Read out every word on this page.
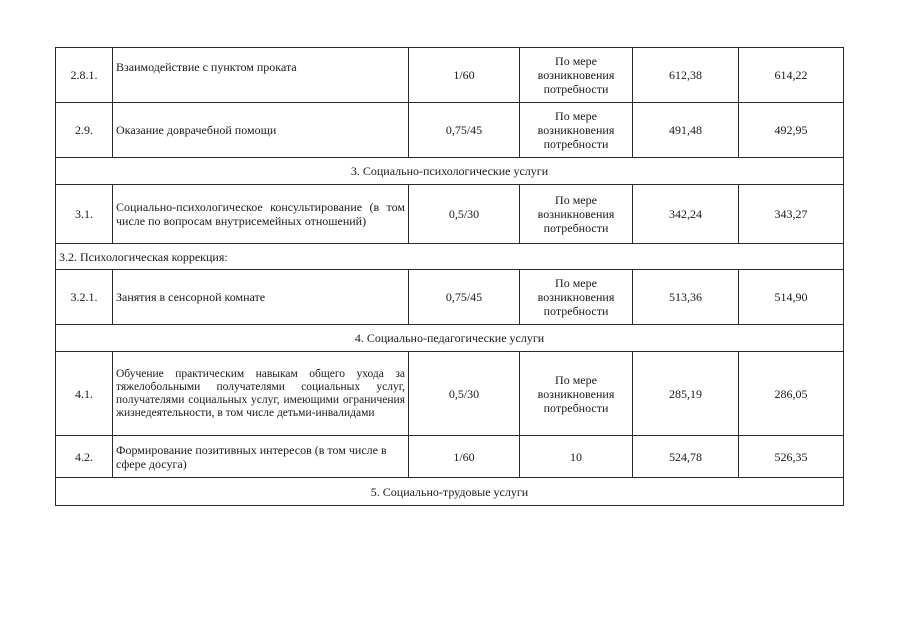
2.8.1.	Взаимодействие с пунктом проката	1/60	По мере возникновения потребности	612,38	614,22
2.9.	Оказание доврачебной помощи	0,75/45	По мере возникновения потребности	491,48	492,95
3. Социально-психологические услуги					
3.1.	Социально-психологическое консультирование (в том числе по вопросам внутрисемейных отношений)	0,5/30	По мере возникновения потребности	342,24	343,27
3.2. Психологическая коррекция:					
3.2.1.	Занятия в сенсорной комнате	0,75/45	По мере возникновения потребности	513,36	514,90
4. Социально-педагогические услуги					
4.1.	Обучение практическим навыкам общего ухода за тяжелобольными получателями социальных услуг, получателями социальных услуг, имеющими ограничения жизнедеятельности, в том числе детьми-инвалидами	0,5/30	По мере возникновения потребности	285,19	286,05
4.2.	Формирование позитивных интересов (в том числе в сфере досуга)	1/60	10	524,78	526,35
5. Социально-трудовые услуги					
